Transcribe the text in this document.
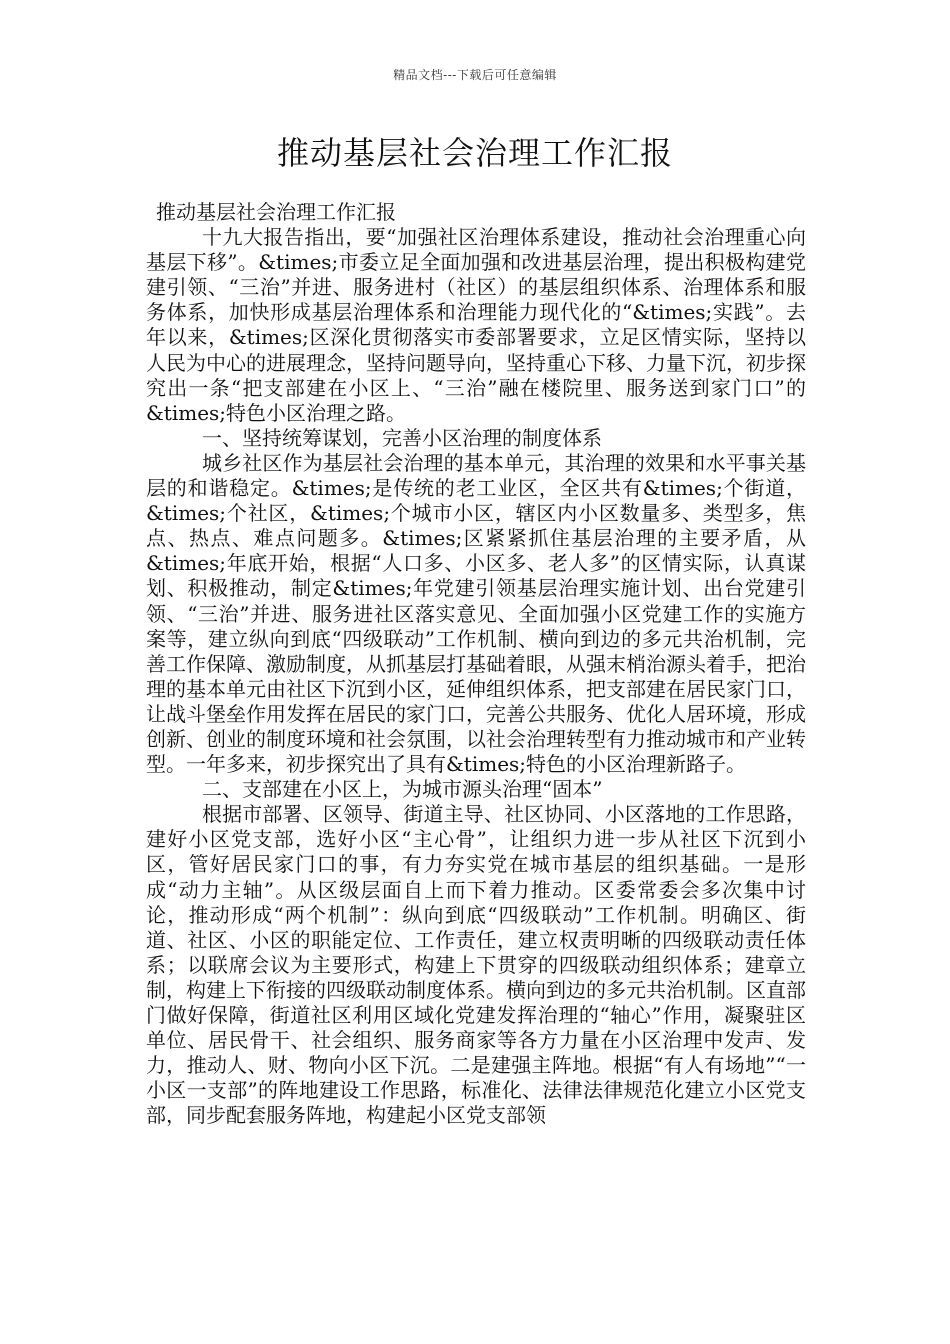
精品文档---下载后可任意编辑
推动基层社会治理工作汇报

推动基层社会治理工作汇报

十九大报告指出，要“加强社区治理体系建设，推动社会治理重心向基层下移”。&times;市委立足全面加强和改进基层治理，提出积极构建党建引领、“三治”并进、服务进村（社区）的基层组织体系、治理体系和服务体系，加快形成基层治理体系和治理能力现代化的“&times;实践”。去年以来，&times;区深化贯彻落实市委部署要求，立足区情实际，坚持以人民为中心的进展理念，坚持问题导向，坚持重心下移、力量下沉，初步探究出一条“把支部建在小区上、“三治”融在楼院里、服务送到家门口”的&times;特色小区治理之路。

一、坚持统筹谋划，完善小区治理的制度体系

城乡社区作为基层社会治理的基本单元，其治理的效果和水平事关基层的和谐稳定。&times;是传统的老工业区，全区共有&times;个街道，&times;个社区，&times;个城市小区，辖区内小区数量多、类型多，焦点、热点、难点问题多。&times;区紧紧抓住基层治理的主要矛盾，从&times;年底开始，根据“人口多、小区多、老人多”的区情实际，认真谋划、积极推动，制定&times;年党建引领基层治理实施计划、出台党建引领、“三治”并进、服务进社区落实意见、全面加强小区党建工作的实施方案等，建立纵向到底“四级联动”工作机制、横向到边的多元共治机制，完善工作保障、激励制度，从抓基层打基础着眼，从强末梢治源头着手，把治理的基本单元由社区下沉到小区，延伸组织体系，把支部建在居民家门口，让战斗堡垒作用发挥在居民的家门口，完善公共服务、优化人居环境，形成创新、创业的制度环境和社会氛围，以社会治理转型有力推动城市和产业转型。一年多来，初步探究出了具有&times;特色的小区治理新路子。

二、支部建在小区上，为城市源头治理“固本”

根据市部署、区领导、街道主导、社区协同、小区落地的工作思路，建好小区党支部，选好小区“主心骨”，让组织力进一步从社区下沉到小区，管好居民家门口的事，有力夯实党在城市基层的组织基础。一是形成“动力主轴”。从区级层面自上而下着力推动。区委常委会多次集中讨论，推动形成“两个机制”：纵向到底“四级联动”工作机制。明确区、街道、社区、小区的职能定位、工作责任，建立权责明晰的四级联动责任体系；以联席会议为主要形式，构建上下贯穿的四级联动组织体系；建章立制，构建上下衔接的四级联动制度体系。横向到边的多元共治机制。区直部门做好保障，街道社区利用区域化党建发挥治理的“轴心”作用，凝聚驻区单位、居民骨干、社会组织、服务商家等各方力量在小区治理中发声、发力，推动人、财、物向小区下沉。二是建强主阵地。根据“有人有场地”“一小区一支部”的阵地建设工作思路，标准化、法律法律规范化建立小区党支部，同步配套服务阵地，构建起小区党支部领
